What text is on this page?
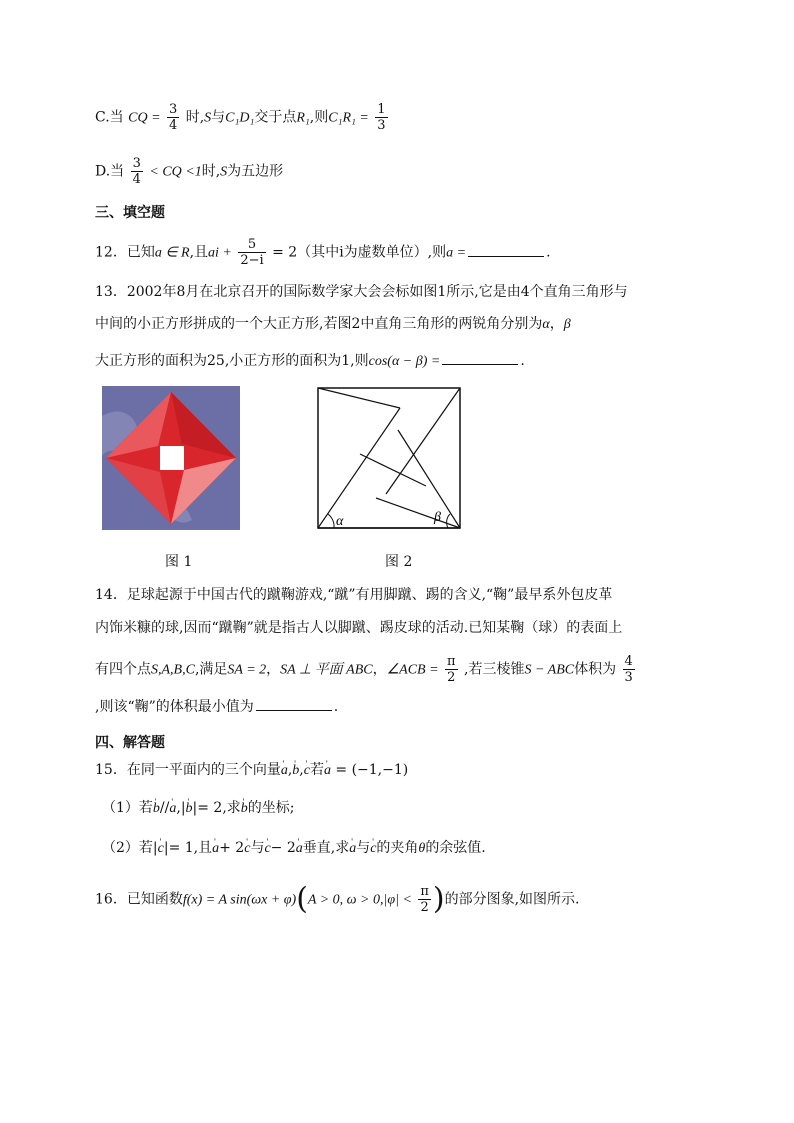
C.当 CQ = $\frac{3}{4}$ 时,S与C₁D₁交于点R₁,则$C_1R_1 = \frac{1}{3}$
D.当 $\frac{3}{4}$ < CQ <1时,S为五边形
三、填空题
12．已知a ∈ R,且ai + $\frac{5}{2-i} = 2$（其中i为虚数单位）,则a =	.
13．2002年8月在北京召开的国际数学家大会会标如图1所示,它是由4个直角三角形与
中间的小正方形拼成的一个大正方形,若图2中直角三角形的两锐角分别为α，β
大正方形的面积为25,小正方形的面积为1,则cos(α − β) =	.
图 1
α	β
图 2
14．足球起源于中国古代的蹴鞠游戏,“蹴”有用脚蹴、踢的含义,“鞠”最早系外包皮革
内饰米糠的球,因而“蹴鞠”就是指古人以脚蹴、踢皮球的活动.已知某鞠（球）的表面上
有四个点S,A,B,C,满足SA = 2，SA ⊥ 平面 ABC，∠ACB = $\frac{\pi}{2}$ ,若三棱锥S − ABC体积为 $\frac{4}{3}$
,则该“鞠”的体积最小值为	.
四、解答题
15．在同一平面内的三个向量' a,' b,' c若' a = (−1,−1)
（1）若' b//' a,|' b|= 2,求' b的坐标;
（2）若|' c|= 1,且' a+ 2' c与' c− 2' a垂直,求' a与' c的夹角θ的余弦值.
16．已知函数f(x) = A sin(ωx + φ)(A > 0, $\omega > 0,|\varphi| < \frac{\pi}{2}$ )的部分图象,如图所示.
